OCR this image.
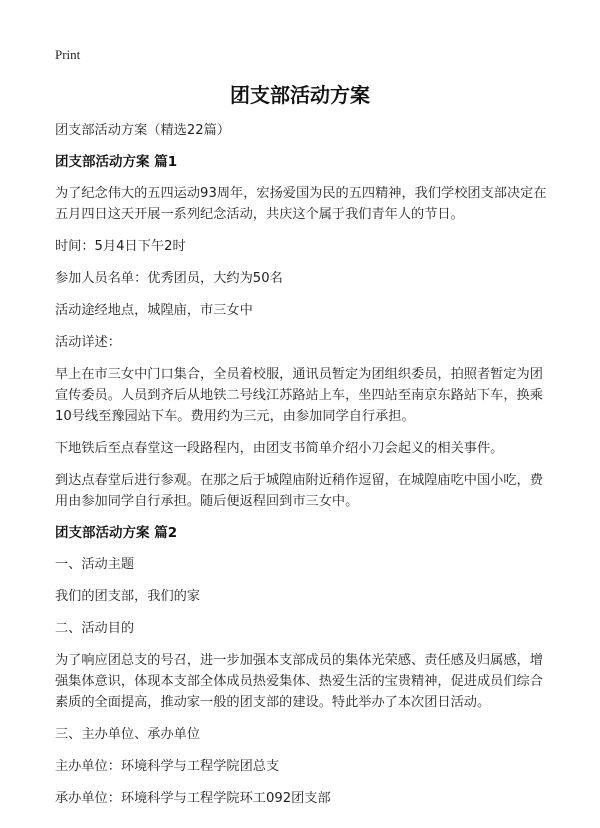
Print
团支部活动方案

团支部活动方案（精选22篇）

团支部活动方案 篇1

为了纪念伟大的五四运动93周年，宏扬爱国为民的五四精神，我们学校团支部决定在五月四日这天开展一系列纪念活动，共庆这个属于我们青年人的节日。

时间：5月4日下午2时

参加人员名单：优秀团员，大约为50名

活动途经地点，城隍庙，市三女中

活动详述：

早上在市三女中门口集合，全员着校服，通讯员暂定为团组织委员，拍照者暂定为团宣传委员。人员到齐后从地铁二号线江苏路站上车，坐四站至南京东路站下车，换乘10号线至豫园站下车。费用约为三元，由参加同学自行承担。

下地铁后至点春堂这一段路程内，由团支书简单介绍小刀会起义的相关事件。

到达点春堂后进行参观。在那之后于城隍庙附近稍作逗留，在城隍庙吃中国小吃，费用由参加同学自行承担。随后便返程回到市三女中。

团支部活动方案 篇2

一、活动主题

我们的团支部，我们的家

二、活动目的

为了响应团总支的号召，进一步加强本支部成员的集体光荣感、责任感及归属感，增强集体意识，体现本支部全体成员热爱集体、热爱生活的宝贵精神，促进成员们综合素质的全面提高，推动家一般的团支部的建设。特此举办了本次团日活动。

三、主办单位、承办单位

主办单位：环境科学与工程学院团总支

承办单位：环境科学与工程学院环工092团支部
